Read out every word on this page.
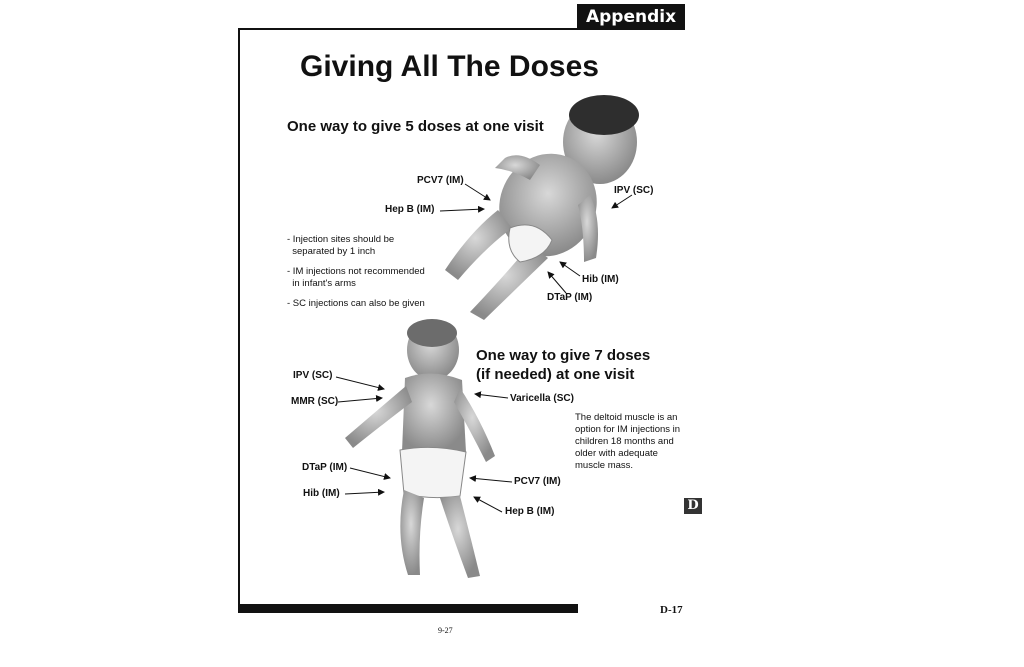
Appendix D
Giving All The Doses
One way to give 5 doses at one visit
PCV7 (IM)
Hep B (IM)
IPV (SC)
Hib (IM)
DTaP (IM)
- Injection sites should be
separated by 1 inch
- IM injections not recommended
in infant's arms
- SC injections can also be given
One way to give 7 doses
(if needed) at one visit
IPV (SC)
MMR (SC)	Varicella (SC)
DTaP (IM)
Hib (IM)
PCV7 (IM)
Hep B (IM)
The deltoid muscle is an option for IM injections in children 18 months and older with adequate muscle mass.
D
D-17
9-27
